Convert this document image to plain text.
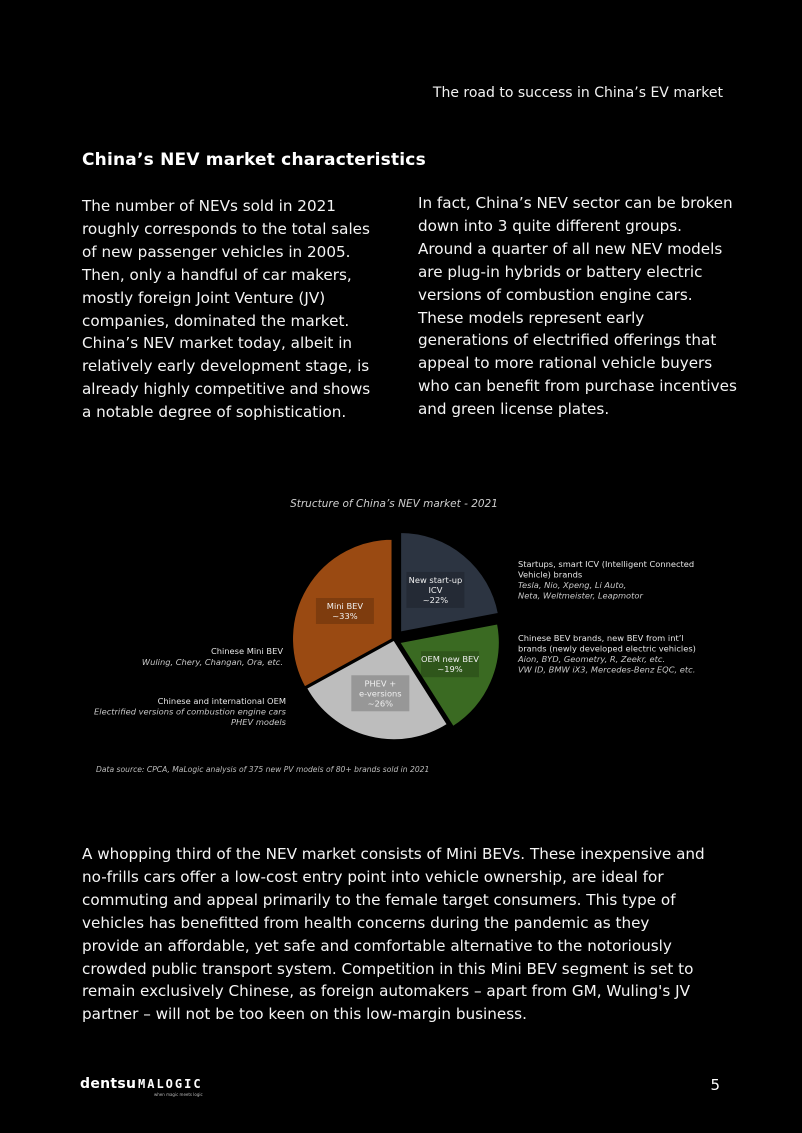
The road to success in China’s EV market
China’s NEV market characteristics
The number of NEVs sold in 2021
roughly corresponds to the total sales
of new passenger vehicles in 2005.
Then, only a handful of car makers,
mostly foreign Joint Venture (JV)
companies, dominated the market.
China’s NEV market today, albeit in
relatively early development stage, is
already highly competitive and shows
a notable degree of sophistication.
In fact, China’s NEV sector can be broken
down into 3 quite different groups.
Around a quarter of all new NEV models
are plug-in hybrids or battery electric
versions of combustion engine cars.
These models represent early
generations of electrified offerings that
appeal to more rational vehicle buyers
who can benefit from purchase incentives
and green license plates.
Structure of China’s NEV market - 2021
New start-up
ICV
~22%
OEM new BEV
~19%
PHEV +
e-versions
~26%
Mini BEV
~33%
Startups, smart ICV (Intelligent Connected
Vehicle) brands
Tesla, Nio, Xpeng, Li Auto,
Neta, Weltmeister, Leapmotor
Chinese BEV brands, new BEV from int’l
brands (newly developed electric vehicles)
Aion, BYD, Geometry, R, Zeekr, etc.
VW ID, BMW iX3, Mercedes-Benz EQC, etc.
Chinese Mini BEV
Wuling, Chery, Changan, Ora, etc.
Chinese and international OEM
Electrified versions of combustion engine cars
PHEV models
Data source: CPCA, MaLogic analysis of 375 new PV models of 80+ brands sold in 2021
A whopping third of the NEV market consists of Mini BEVs. These inexpensive and
no-frills cars offer a low-cost entry point into vehicle ownership, are ideal for
commuting and appeal primarily to the female target consumers. This type of
vehicles has benefitted from health concerns during the pandemic as they
provide an affordable, yet safe and comfortable alternative to the notoriously
crowded public transport system. Competition in this Mini BEV segment is set to
remain exclusively Chinese, as foreign automakers – apart from GM, Wuling's JV
partner – will not be too keen on this low-margin business.
dentsu MALOGIC
when magic meets logic
5
